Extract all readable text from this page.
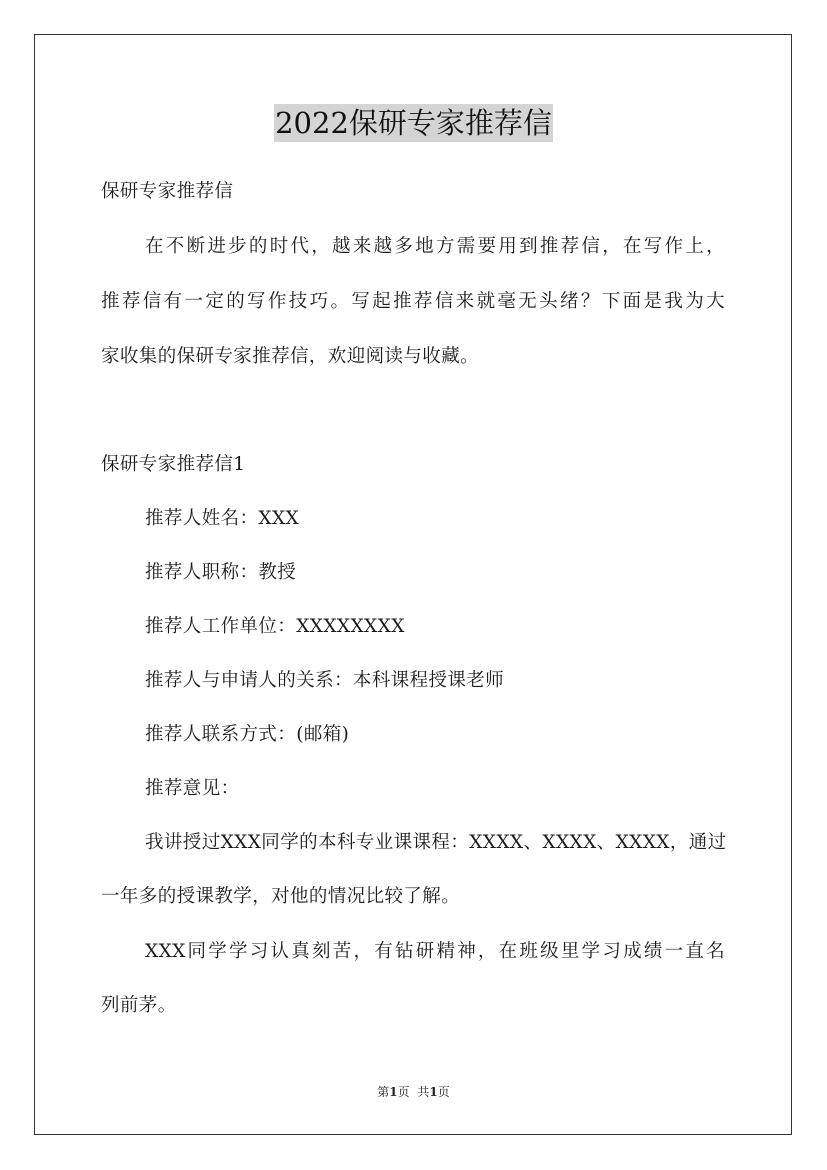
2022保研专家推荐信
保研专家推荐信
在不断进步的时代，越来越多地方需要用到推荐信，在写作上，
推荐信有一定的写作技巧。写起推荐信来就毫无头绪？下面是我为大
家收集的保研专家推荐信，欢迎阅读与收藏。
保研专家推荐信1
推荐人姓名：XXX
推荐人职称：教授
推荐人工作单位：XXXXXXXX
推荐人与申请人的关系：本科课程授课老师
推荐人联系方式：(邮箱)
推荐意见：
我讲授过XXX同学的本科专业课课程：XXXX、XXXX、XXXX，通过
一年多的授课教学，对他的情况比较了解。
XXX同学学习认真刻苦，有钻研精神，在班级里学习成绩一直名
列前茅。
第1页 共1页
